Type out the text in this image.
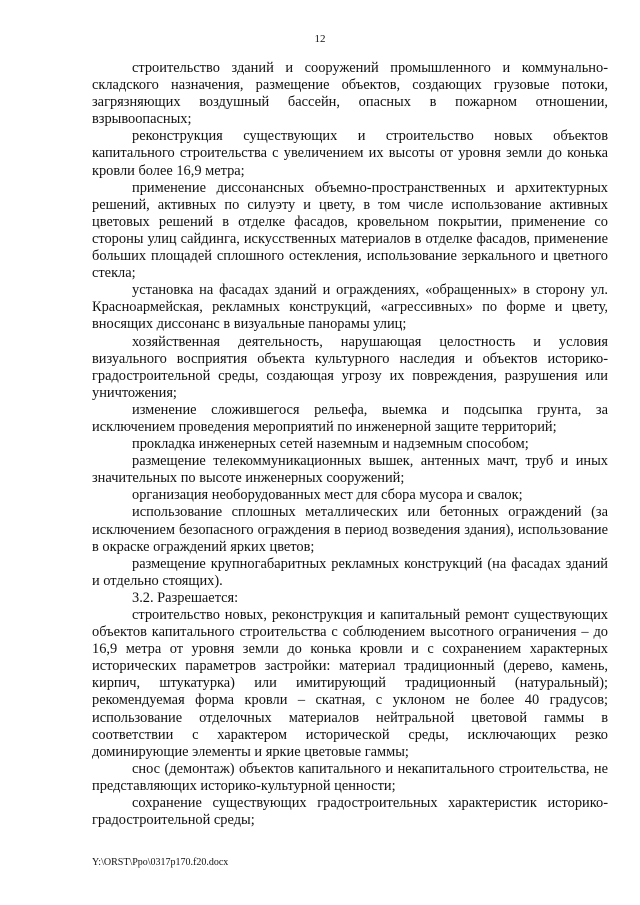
12

строительство зданий и сооружений промышленного и коммунально-складского назначения, размещение объектов, создающих грузовые потоки, загрязняющих воздушный бассейн, опасных в пожарном отношении, взрывоопасных;

реконструкция существующих и строительство новых объектов капитального строительства с увеличением их высоты от уровня земли до конька кровли более 16,9 метра;

применение диссонансных объемно-пространственных и архитектурных решений, активных по силуэту и цвету, в том числе использование активных цветовых решений в отделке фасадов, кровельном покрытии, применение со стороны улиц сайдинга, искусственных материалов в отделке фасадов, применение больших площадей сплошного остекления, использование зеркального и цветного стекла;

установка на фасадах зданий и ограждениях, «обращенных» в сторону ул. Красноармейская, рекламных конструкций, «агрессивных» по форме и цвету, вносящих диссонанс в визуальные панорамы улиц;

хозяйственная деятельность, нарушающая целостность и условия визуального восприятия объекта культурного наследия и объектов историко-градостроительной среды, создающая угрозу их повреждения, разрушения или уничтожения;

изменение сложившегося рельефа, выемка и подсыпка грунта, за исключением проведения мероприятий по инженерной защите территорий;

прокладка инженерных сетей наземным и надземным способом;

размещение телекоммуникационных вышек, антенных мачт, труб и иных значительных по высоте инженерных сооружений;

организация необорудованных мест для сбора мусора и свалок;

использование сплошных металлических или бетонных ограждений (за исключением безопасного ограждения в период возведения здания), использование в окраске ограждений ярких цветов;

размещение крупногабаритных рекламных конструкций (на фасадах зданий и отдельно стоящих).

3.2. Разрешается:

строительство новых, реконструкция и капитальный ремонт существующих объектов капитального строительства с соблюдением высотного ограничения – до 16,9 метра от уровня земли до конька кровли и с сохранением характерных исторических параметров застройки: материал традиционный (дерево, камень, кирпич, штукатурка) или имитирующий традиционный (натуральный); рекомендуемая форма кровли – скатная, с уклоном не более 40 градусов; использование отделочных материалов нейтральной цветовой гаммы в соответствии с характером исторической среды, исключающих резко доминирующие элементы и яркие цветовые гаммы;

снос (демонтаж) объектов капитального и некапитального строительства, не представляющих историко-культурной ценности;

сохранение существующих градостроительных характеристик историко-градостроительной среды;

Y:\ORST\Ppo\0317p170.f20.docx
